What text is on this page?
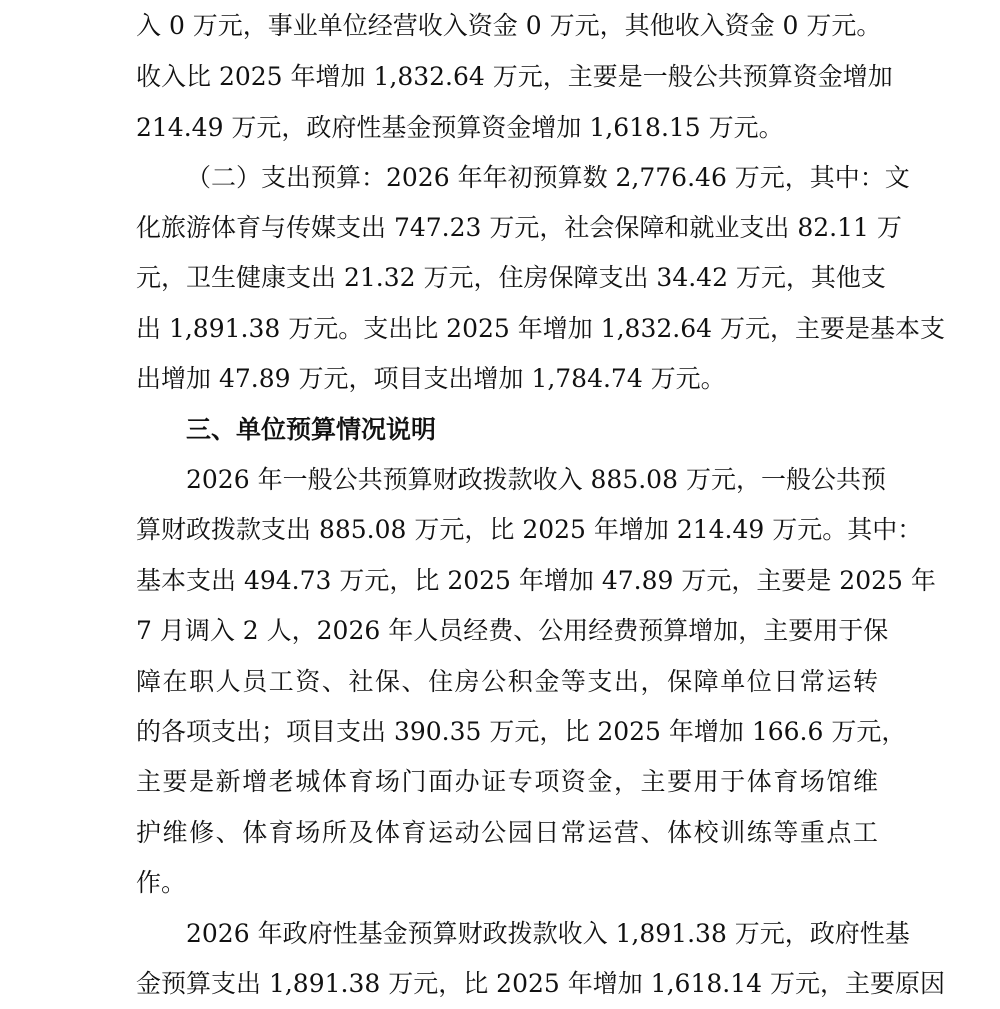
入 0 万元，事业单位经营收入资金 0 万元，其他收入资金 0 万元。
收入比 2025 年增加 1,832.64 万元，主要是一般公共预算资金增加
214.49 万元，政府性基金预算资金增加 1,618.15 万元。
（二）支出预算：2026 年年初预算数 2,776.46 万元，其中：文
化旅游体育与传媒支出 747.23 万元，社会保障和就业支出 82.11 万
元，卫生健康支出 21.32 万元，住房保障支出 34.42 万元，其他支
出 1,891.38 万元。支出比 2025 年增加 1,832.64 万元，主要是基本支
出增加 47.89 万元，项目支出增加 1,784.74 万元。
三、单位预算情况说明
2026 年一般公共预算财政拨款收入 885.08 万元，一般公共预
算财政拨款支出 885.08 万元，比 2025 年增加 214.49 万元。其中：
基本支出 494.73 万元，比 2025 年增加 47.89 万元，主要是 2025 年
7 月调入 2 人，2026 年人员经费、公用经费预算增加，主要用于保
障在职人员工资、社保、住房公积金等支出，保障单位日常运转
的各项支出；项目支出 390.35 万元，比 2025 年增加 166.6 万元，
主要是新增老城体育场门面办证专项资金，主要用于体育场馆维
护维修、体育场所及体育运动公园日常运营、体校训练等重点工
作。
2026 年政府性基金预算财政拨款收入 1,891.38 万元，政府性基
金预算支出 1,891.38 万元，比 2025 年增加 1,618.14 万元，主要原因
